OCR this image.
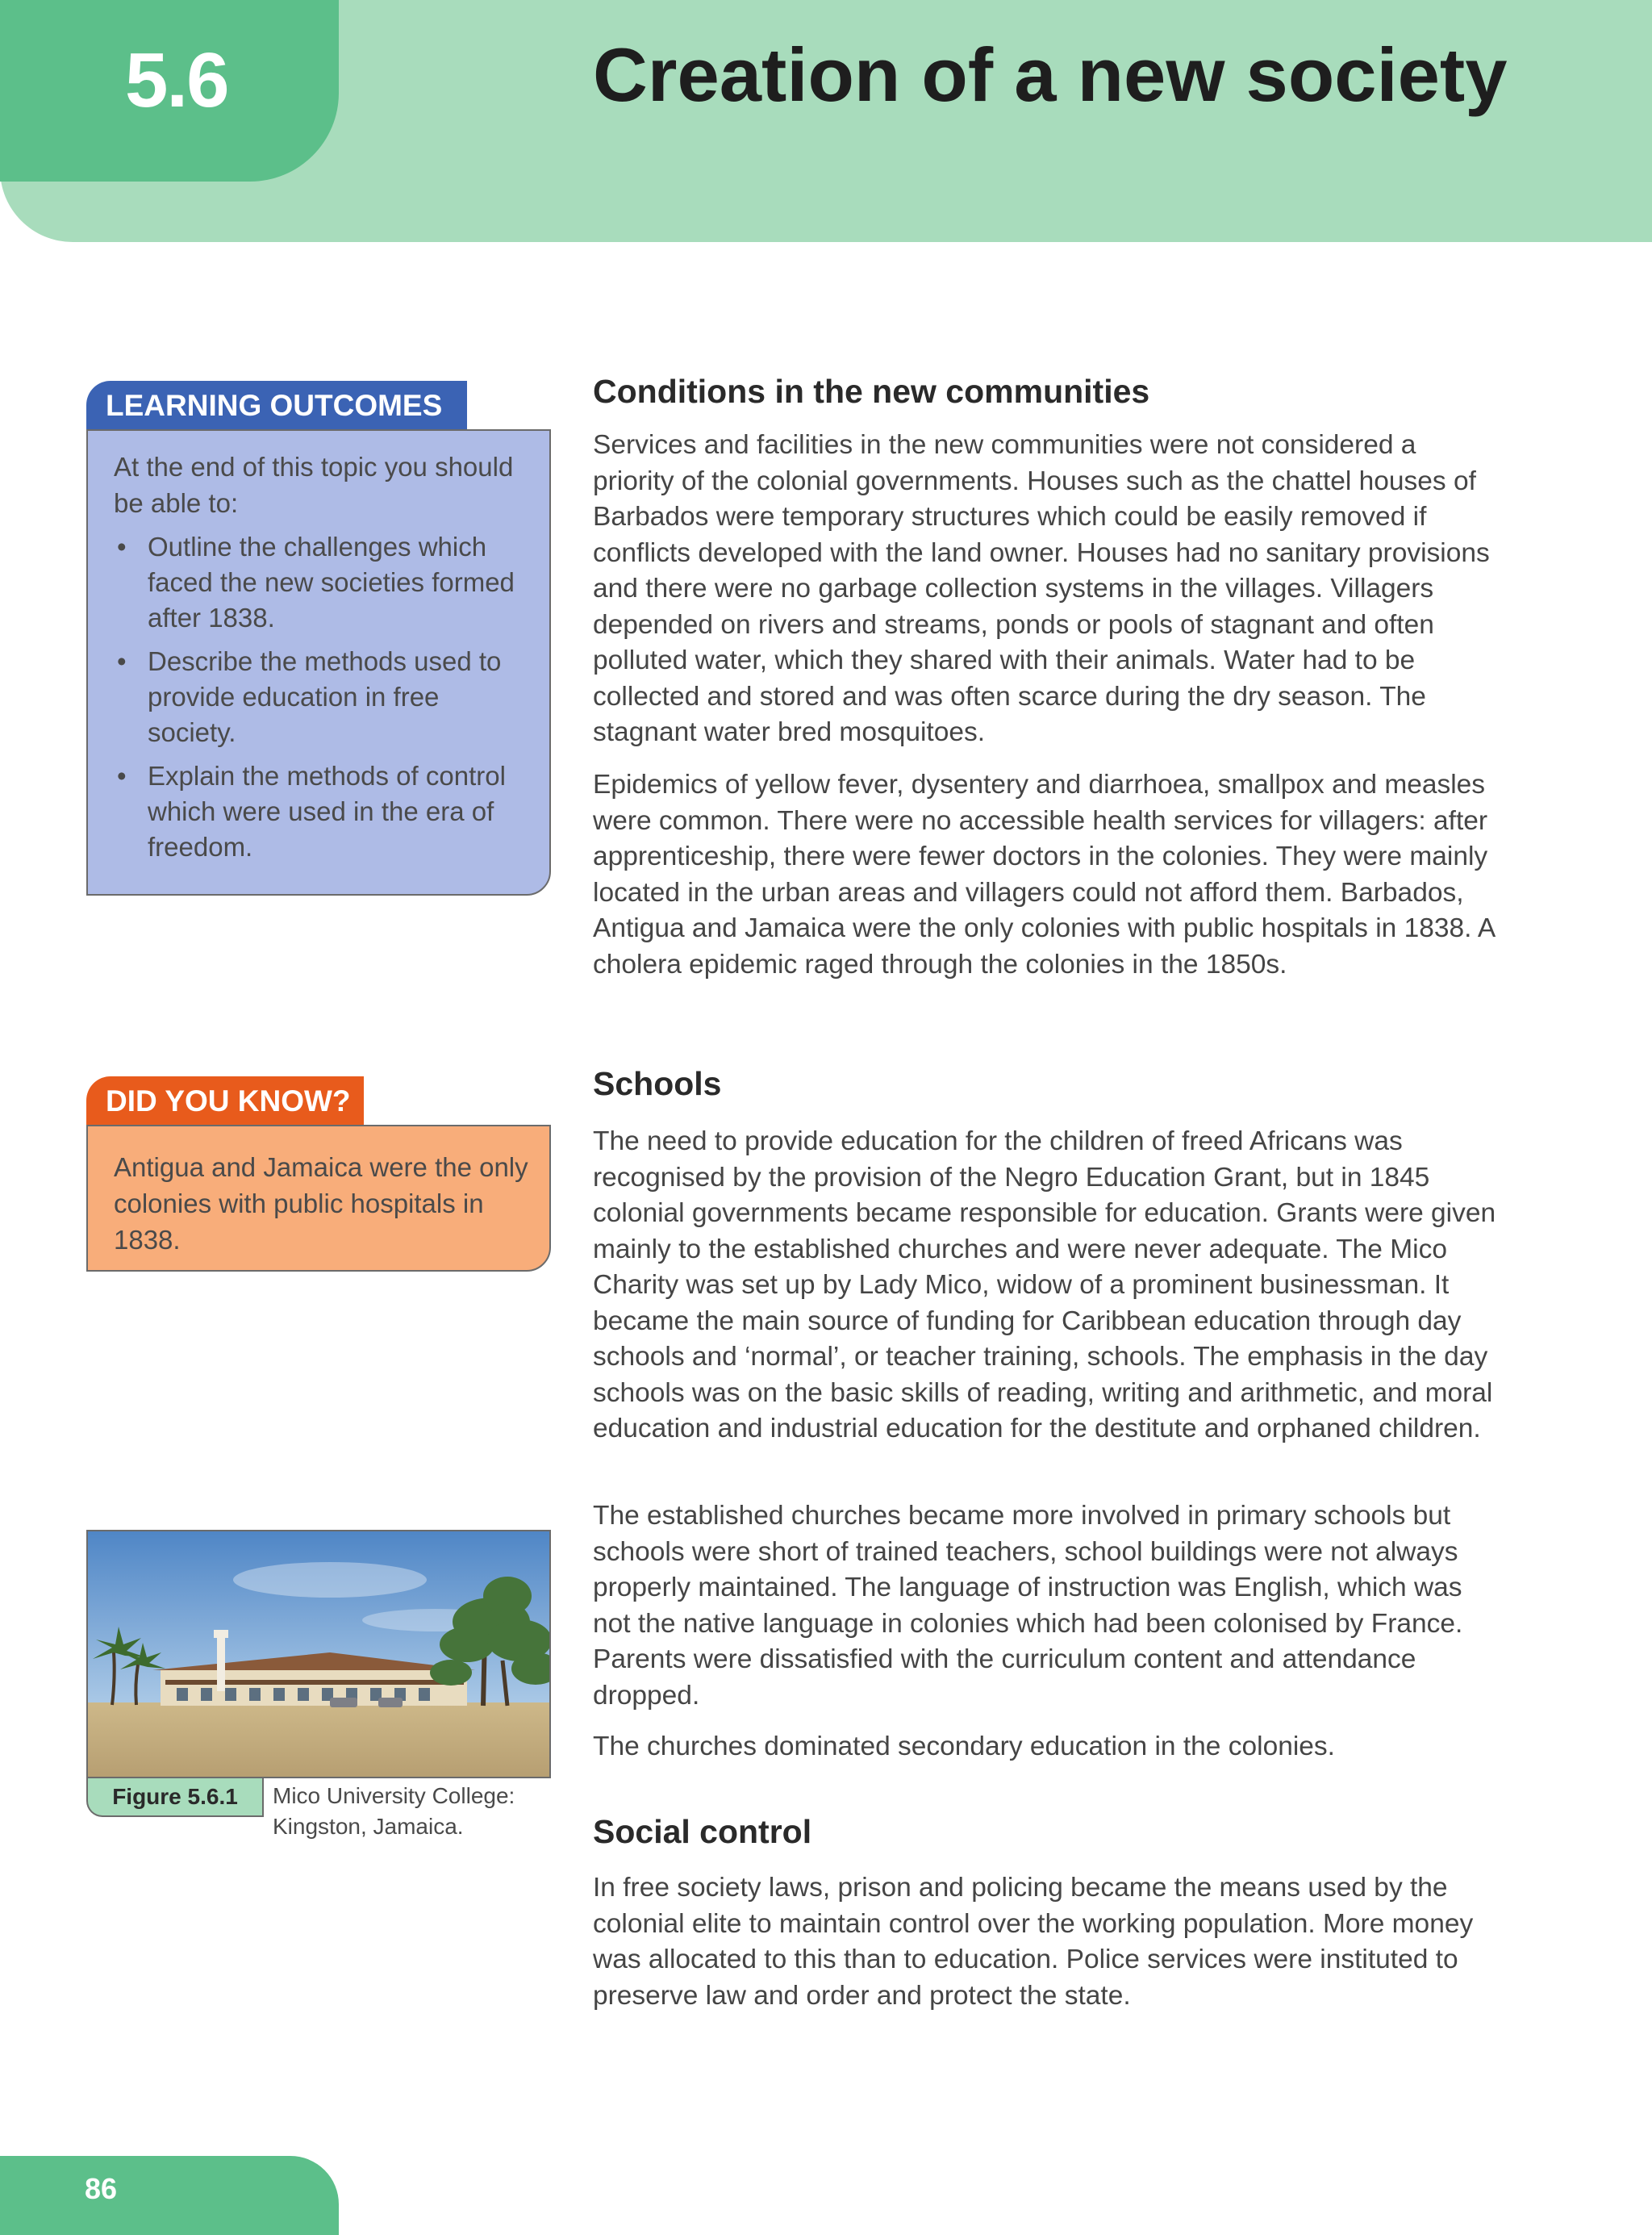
5.6	Creation of a new society
LEARNING OUTCOMES
At the end of this topic you should be able to:
• Outline the challenges which faced the new societies formed after 1838.
• Describe the methods used to provide education in free society.
• Explain the methods of control which were used in the era of freedom.
DID YOU KNOW?
Antigua and Jamaica were the only colonies with public hospitals in 1838.
Figure 5.6.1	Mico University College: Kingston, Jamaica.
Conditions in the new communities

Services and facilities in the new communities were not considered a priority of the colonial governments. Houses such as the chattel houses of Barbados were temporary structures which could be easily removed if conflicts developed with the land owner. Houses had no sanitary provisions and there were no garbage collection systems in the villages. Villagers depended on rivers and streams, ponds or pools of stagnant and often polluted water, which they shared with their animals. Water had to be collected and stored and was often scarce during the dry season. The stagnant water bred mosquitoes.

Epidemics of yellow fever, dysentery and diarrhoea, smallpox and measles were common. There were no accessible health services for villagers: after apprenticeship, there were fewer doctors in the colonies. They were mainly located in the urban areas and villagers could not afford them. Barbados, Antigua and Jamaica were the only colonies with public hospitals in 1838. A cholera epidemic raged through the colonies in the 1850s.

Schools

The need to provide education for the children of freed Africans was recognised by the provision of the Negro Education Grant, but in 1845 colonial governments became responsible for education. Grants were given mainly to the established churches and were never adequate. The Mico Charity was set up by Lady Mico, widow of a prominent businessman. It became the main source of funding for Caribbean education through day schools and ‘normal’, or teacher training, schools. The emphasis in the day schools was on the basic skills of reading, writing and arithmetic, and moral education and industrial education for the destitute and orphaned children.

The established churches became more involved in primary schools but schools were short of trained teachers, school buildings were not always properly maintained. The language of instruction was English, which was not the native language in colonies which had been colonised by France. Parents were dissatisfied with the curriculum content and attendance dropped.

The churches dominated secondary education in the colonies.

Social control

In free society laws, prison and policing became the means used by the colonial elite to maintain control over the working population. More money was allocated to this than to education. Police services were instituted to preserve law and order and protect the state.

86
